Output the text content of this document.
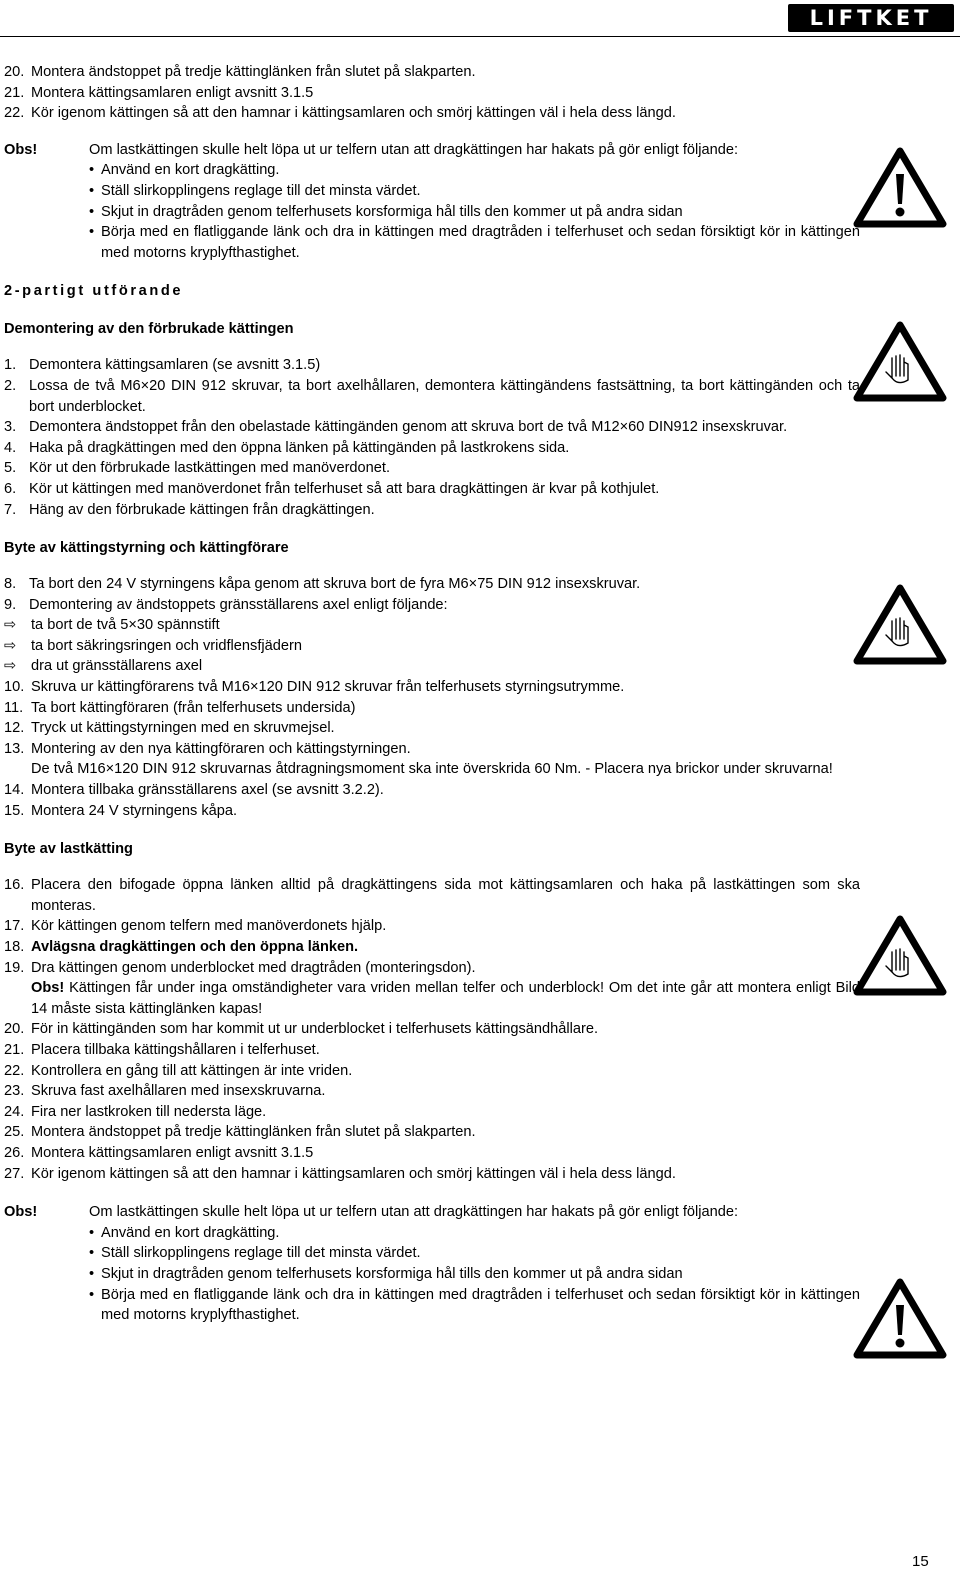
LIFTKET
20. Montera ändstoppet på tredje kättinglänken från slutet på slakparten.
21. Montera kättingsamlaren enligt avsnitt 3.1.5
22. Kör igenom kättingen så att den hamnar i kättingsamlaren och smörj kättingen väl i hela dess längd.
Obs!	Om lastkättingen skulle helt löpa ut ur telfern utan att dragkättingen har hakats på gör enligt följande:
• Använd en kort dragkätting.
• Ställ slirkopplingens reglage till det minsta värdet.
• Skjut in dragtråden genom telferhusets korsformiga hål tills den kommer ut på andra sidan
• Börja med en flatliggande länk och dra in kättingen med dragtråden i telferhuset och sedan försiktigt kör in kättingen med motorns kryplyfthastighet.
2-partigt utförande
Demontering av den förbrukade kättingen
1. Demontera kättingsamlaren (se avsnitt 3.1.5)
2. Lossa de två M6×20 DIN 912 skruvar, ta bort axelhållaren, demontera kättingändens fastsättning, ta bort kättingänden och ta bort underblocket.
3. Demontera ändstoppet från den obelastade kättingänden genom att skruva bort de två M12×60 DIN912 insexskruvar.
4. Haka på dragkättingen med den öppna länken på kättingänden på lastkrokens sida.
5. Kör ut den förbrukade lastkättingen med manöverdonet.
6. Kör ut kättingen med manöverdonet från telferhuset så att bara dragkättingen är kvar på kothjulet.
7. Häng av den förbrukade kättingen från dragkättingen.
Byte av kättingstyrning och kättingförare
8. Ta bort den 24 V styrningens kåpa genom att skruva bort de fyra M6×75 DIN 912 insexskruvar.
9. Demontering av ändstoppets gränsställarens axel enligt följande:
⇨	ta bort de två 5×30 spännstift
⇨	ta bort säkringsringen och vridflensfjädern
⇨	dra ut gränsställarens axel
10. Skruva ur kättingförarens två M16×120 DIN 912 skruvar från telferhusets styrningsutrymme.
11. Ta bort kättingföraren (från telferhusets undersida)
12. Tryck ut kättingstyrningen med en skruvmejsel.
13. Montering av den nya kättingföraren och kättingstyrningen.
De två M16×120 DIN 912 skruvarnas åtdragningsmoment ska inte överskrida 60 Nm. - Placera nya brickor under skruvarna!
14. Montera tillbaka gränsställarens axel (se avsnitt 3.2.2).
15. Montera 24 V styrningens kåpa.
Byte av lastkätting
16. Placera den bifogade öppna länken alltid på dragkättingens sida mot kättingsamlaren och haka på lastkättingen som ska monteras.
17. Kör kättingen genom telfern med manöverdonets hjälp.
18. Avlägsna dragkättingen och den öppna länken.
19. Dra kättingen genom underblocket med dragtråden (monteringsdon).
Obs! Kättingen får under inga omständigheter vara vriden mellan telfer och underblock! Om det inte går att montera enligt Bild 14 måste sista kättinglänken kapas!
20. För in kättingänden som har kommit ut ur underblocket i telferhusets kättingsändhållare.
21. Placera tillbaka kättingshållaren i telferhuset.
22. Kontrollera en gång till att kättingen är inte vriden.
23. Skruva fast axelhållaren med insexskruvarna.
24. Fira ner lastkroken till nedersta läge.
25. Montera ändstoppet på tredje kättinglänken från slutet på slakparten.
26. Montera kättingsamlaren enligt avsnitt 3.1.5
27. Kör igenom kättingen så att den hamnar i kättingsamlaren och smörj kättingen väl i hela dess längd.
Obs!	Om lastkättingen skulle helt löpa ut ur telfern utan att dragkättingen har hakats på gör enligt följande:
• Använd en kort dragkätting.
• Ställ slirkopplingens reglage till det minsta värdet.
• Skjut in dragtråden genom telferhusets korsformiga hål tills den kommer ut på andra sidan
• Börja med en flatliggande länk och dra in kättingen med dragtråden i telferhuset och sedan försiktigt kör in kättingen med motorns kryplyfthastighet.
15
